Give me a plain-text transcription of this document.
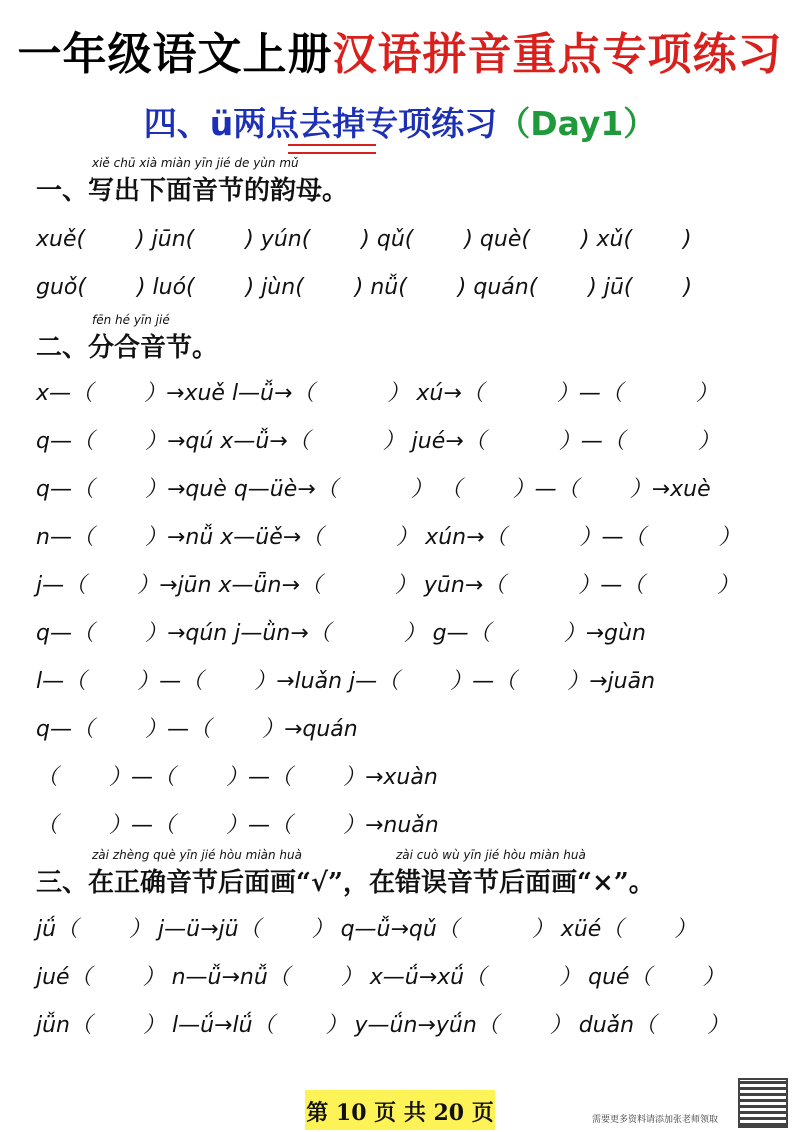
一年级语文上册汉语拼音重点专项练习
四、ü两点去掉专项练习（Day1）
xiě chū xià miàn yīn jié de yùn mǔ
一、写出下面音节的韵母。
xuě(　　 ) jūn(　　 ) yún(　　 ) qǔ(　　 ) què(　　 ) xǔ(　　 )
guǒ(　　 ) luó(　　 ) jùn(　　 ) nǚ(　　 ) quán(　　 ) jū(　　 )
fēn hé yīn jié
二、分合音节。
x—（　　 ）→xuě l—ǚ→（　　　 ） xú→（　　　 ）—（　　　 ）
q—（　　 ）→qú x—ǚ→（　　　 ） jué→（　　　 ）—（　　　 ）
q—（　　 ）→què q—üè→（　　　 ） （　　 ）—（　　 ）→xuè
n—（　　 ）→nǚ x—üě→（　　　 ） xún→（　　　 ）—（　　　 ）
j—（　　 ）→jūn x—ǖn→（　　　 ） yūn→（　　　 ）—（　　　 ）
q—（　　 ）→qún j—ǜn→（　　　 ） g—（　　　 ）→gùn
l—（　　 ）—（　　 ）→luǎn j—（　　 ）—（　　 ）→juān
q—（　　 ）—（　　 ）→quán
（　　 ）—（　　 ）—（　　 ）→xuàn
（　　 ）—（　　 ）—（　　 ）→nuǎn
zài zhèng què yīn jié hòu miàn huà	zài cuò wù yīn jié hòu miàn huà
三、在正确音节后面画“√”，在错误音节后面画“×”。
jǘ（　　 ） j—ü→jü（　　 ） q—ǚ→qǔ（　　　 ） xüé（　　 ）
jué（　　 ） n—ǚ→nǚ（　　 ） x—ǘ→xǘ（　　　 ） qué（　　 ）
jǚn（　　 ） l—ǘ→lǘ（　　 ） y—ǘn→yǘn（　　 ） duǎn（　　 ）
第 10 页 共 20 页	需要更多资料请添加张老师领取
